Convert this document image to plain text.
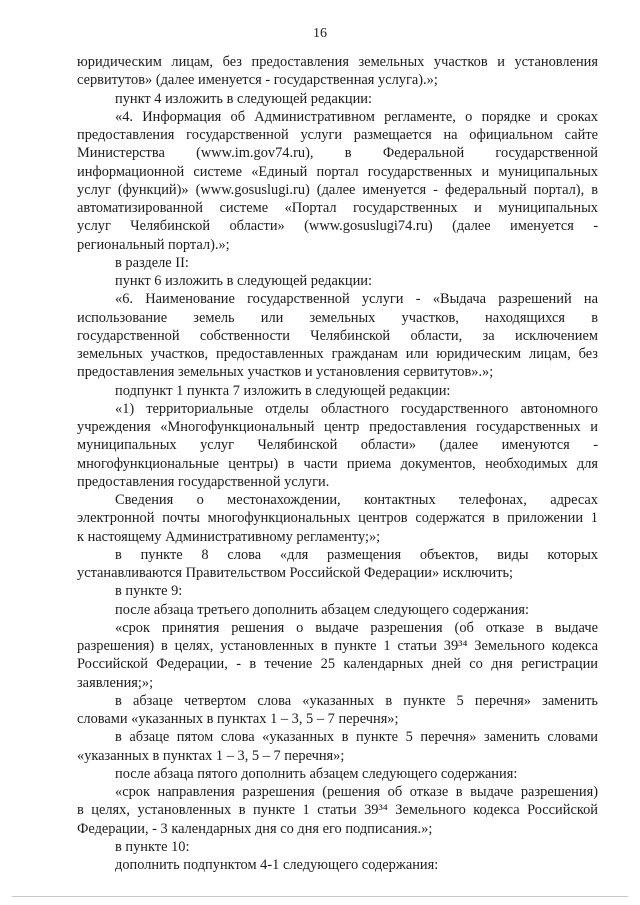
16
юридическим лицам, без предоставления земельных участков и установления
сервитутов» (далее именуется - государственная услуга).»;
пункт 4 изложить в следующей редакции:
«4. Информация об Административном регламенте, о порядке и сроках
предоставления государственной услуги размещается на официальном сайте
Министерства (www.im.gov74.ru), в Федеральной государственной
информационной системе «Единый портал государственных и муниципальных
услуг (функций)» (www.gosuslugi.ru) (далее именуется - федеральный портал), в
автоматизированной системе «Портал государственных и муниципальных
услуг Челябинской области» (www.gosuslugi74.ru) (далее именуется -
региональный портал).»;
в разделе II:
пункт 6 изложить в следующей редакции:
«6. Наименование государственной услуги - «Выдача разрешений на
использование земель или земельных участков, находящихся в
государственной собственности Челябинской области, за исключением
земельных участков, предоставленных гражданам или юридическим лицам, без
предоставления земельных участков и установления сервитутов».»;
подпункт 1 пункта 7 изложить в следующей редакции:
«1) территориальные отделы областного государственного автономного
учреждения «Многофункциональный центр предоставления государственных и
муниципальных услуг Челябинской области» (далее именуются -
многофункциональные центры) в части приема документов, необходимых для
предоставления государственной услуги.
Сведения о местонахождении, контактных телефонах, адресах
электронной почты многофункциональных центров содержатся в приложении 1
к настоящему Административному регламенту;»;
в пункте 8 слова «для размещения объектов, виды которых
устанавливаются Правительством Российской Федерации» исключить;
в пункте 9:
после абзаца третьего дополнить абзацем следующего содержания:
«срок принятия решения о выдаче разрешения (об отказе в выдаче
разрешения) в целях, установленных в пункте 1 статьи 39³⁴ Земельного кодекса
Российской Федерации, - в течение 25 календарных дней со дня регистрации
заявления;»;
в абзаце четвертом слова «указанных в пункте 5 перечня» заменить
словами «указанных в пунктах 1 – 3, 5 – 7 перечня»;
в абзаце пятом слова «указанных в пункте 5 перечня» заменить словами
«указанных в пунктах 1 – 3, 5 – 7 перечня»;
после абзаца пятого дополнить абзацем следующего содержания:
«срок направления разрешения (решения об отказе в выдаче разрешения)
в целях, установленных в пункте 1 статьи 39³⁴ Земельного кодекса Российской
Федерации, - 3 календарных дня со дня его подписания.»;
в пункте 10:
дополнить подпунктом 4-1 следующего содержания:
